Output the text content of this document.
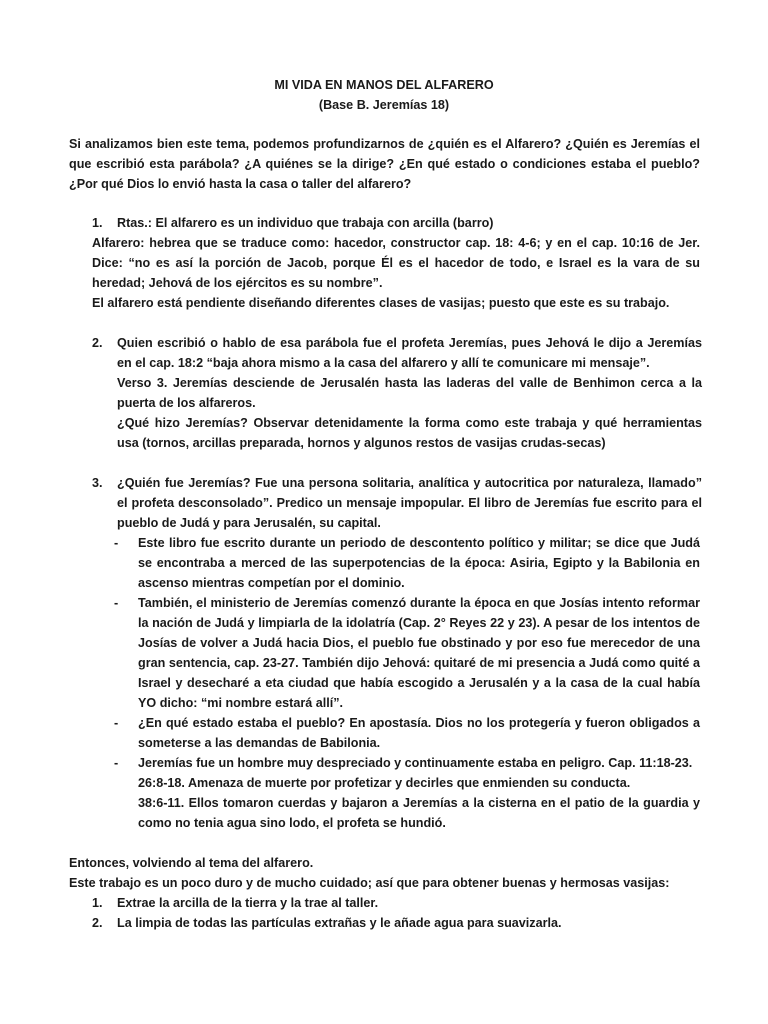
MI VIDA EN MANOS DEL ALFARERO

(Base B. Jeremías 18)

Si analizamos bien este tema, podemos profundizarnos de ¿quién es el Alfarero? ¿Quién es Jeremías el que escribió esta parábola? ¿A quiénes se la dirige? ¿En qué estado o condiciones estaba el pueblo? ¿Por qué Dios lo envió hasta la casa o taller del alfarero?

1. Rtas.: El alfarero es un individuo que trabaja con arcilla (barro)
Alfarero: hebrea que se traduce como: hacedor, constructor cap. 18: 4-6; y en el cap. 10:16 de Jer. Dice: “no es así la porción de Jacob, porque Él es el hacedor de todo, e Israel es la vara de su heredad; Jehová de los ejércitos es su nombre”.
El alfarero está pendiente diseñando diferentes clases de vasijas; puesto que este es su trabajo.
2. Quien escribió o hablo de esa parábola fue el profeta Jeremías, pues Jehová le dijo a Jeremías en el cap. 18:2 “baja ahora mismo a la casa del alfarero y allí te comunicare mi mensaje”.
Verso 3. Jeremías desciende de Jerusalén hasta las laderas del valle de Benhimon cerca a la puerta de los alfareros.
¿Qué hizo Jeremías? Observar detenidamente la forma como este trabaja y qué herramientas usa (tornos, arcillas preparada, hornos y algunos restos de vasijas crudas-secas)
3. ¿Quién fue Jeremías? Fue una persona solitaria, analítica y autocritica por naturaleza, llamado” el profeta desconsolado”. Predico un mensaje impopular. El libro de Jeremías fue escrito para el pueblo de Judá y para Jerusalén, su capital.
- Este libro fue escrito durante un periodo de descontento político y militar; se dice que Judá se encontraba a merced de las superpotencias de la época: Asiria, Egipto y la Babilonia en ascenso mientras competían por el dominio.
- También, el ministerio de Jeremías comenzó durante la época en que Josías intento reformar la nación de Judá y limpiarla de la idolatría (Cap. 2° Reyes 22 y 23). A pesar de los intentos de Josías de volver a Judá hacia Dios, el pueblo fue obstinado y por eso fue merecedor de una gran sentencia, cap. 23-27. También dijo Jehová: quitaré de mi presencia a Judá como quité a Israel y desecharé a eta ciudad que había escogido a Jerusalén y a la casa de la cual había YO dicho: “mi nombre estará allí”.
- ¿En qué estado estaba el pueblo? En apostasía. Dios no los protegería y fueron obligados a someterse a las demandas de Babilonia.
- Jeremías fue un hombre muy despreciado y continuamente estaba en peligro. Cap. 11:18-23.
26:8-18. Amenaza de muerte por profetizar y decirles que enmienden su conducta.
38:6-11. Ellos tomaron cuerdas y bajaron a Jeremías a la cisterna en el patio de la guardia y como no tenia agua sino lodo, el profeta se hundió.
Entonces, volviendo al tema del alfarero.
Este trabajo es un poco duro y de mucho cuidado; así que para obtener buenas y hermosas vasijas:
1. Extrae la arcilla de la tierra y la trae al taller.
2. La limpia de todas las partículas extrañas y le añade agua para suavizarla.
